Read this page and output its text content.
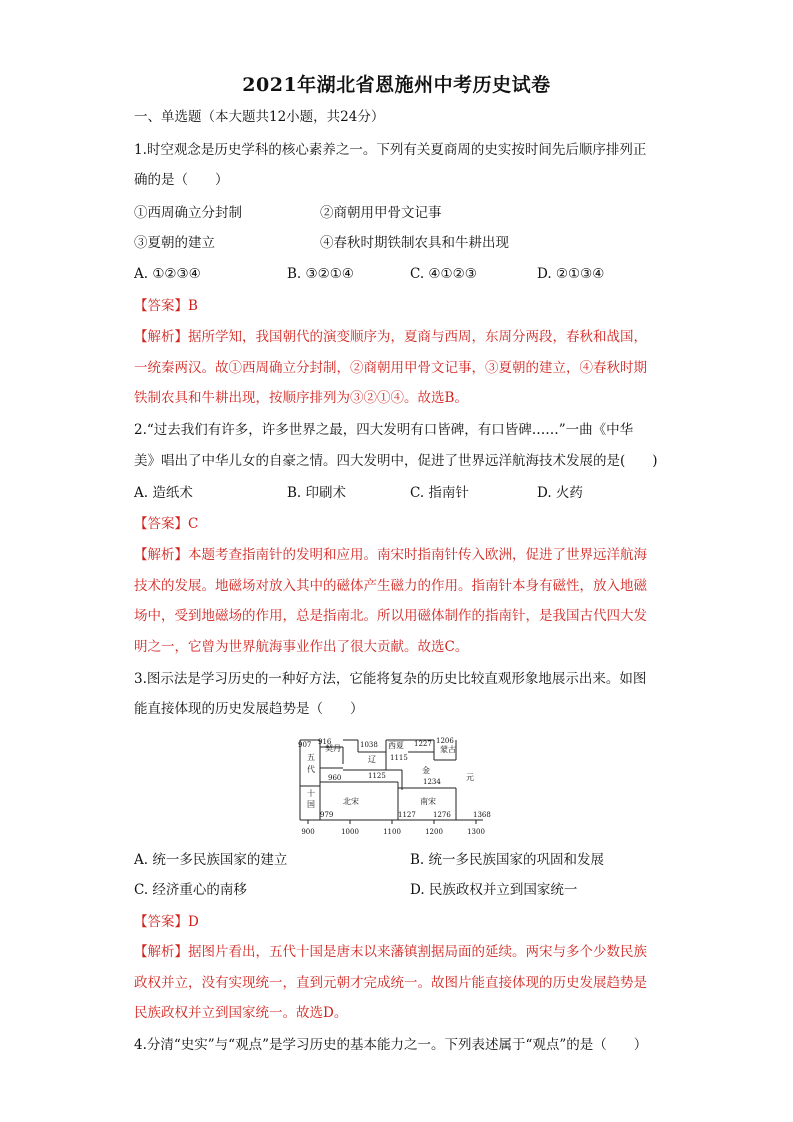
2021年湖北省恩施州中考历史试卷
一、单选题（本大题共12小题，共24分）
1.时空观念是历史学科的核心素养之一。下列有关夏商周的史实按时间先后顺序排列正
确的是（　　）
①西周确立分封制	②商朝用甲骨文记事
③夏朝的建立	④春秋时期铁制农具和牛耕出现
A. ①②③④	B. ③②①④	C. ④①②③	D. ②①③④
【答案】B
【解析】据所学知，我国朝代的演变顺序为，夏商与西周，东周分两段，春秋和战国，
一统秦两汉。故①西周确立分封制，②商朝用甲骨文记事，③夏朝的建立，④春秋时期
铁制农具和牛耕出现，按顺序排列为③②①④。故选B。
2.“过去我们有许多，许多世界之最，四大发明有口皆碑，有口皆碑……”一曲《中华
美》唱出了中华儿女的自豪之情。四大发明中，促进了世界远洋航海技术发展的是(　　)
A. 造纸术	B. 印刷术	C. 指南针	D. 火药
【答案】C
【解析】本题考查指南针的发明和应用。南宋时指南针传入欧洲，促进了世界远洋航海
技术的发展。地磁场对放入其中的磁体产生磁力的作用。指南针本身有磁性，放入地磁
场中，受到地磁场的作用，总是指南北。所以用磁体制作的指南针，是我国古代四大发
明之一，它曾为世界航海事业作出了很大贡献。故选C。
3.图示法是学习历史的一种好方法，它能将复杂的历史比较直观形象地展示出来。如图
能直接体现的历史发展趋势是（　　）
907 916
契丹	1038 西夏 1227 1206
蒙古
五
代
辽 1115
1125
金
960	1234	元
十
国	北宋	南宋
979	1127 1276	1368
900	1000	1100	1200	1300
A. 统一多民族国家的建立	B. 统一多民族国家的巩固和发展
C. 经济重心的南移	D. 民族政权并立到国家统一
【答案】D
【解析】据图片看出，五代十国是唐末以来藩镇割据局面的延续。两宋与多个少数民族
政权并立，没有实现统一，直到元朝才完成统一。故图片能直接体现的历史发展趋势是
民族政权并立到国家统一。故选D。
4.分清“史实”与“观点”是学习历史的基本能力之一。下列表述属于“观点”的是（　　）
